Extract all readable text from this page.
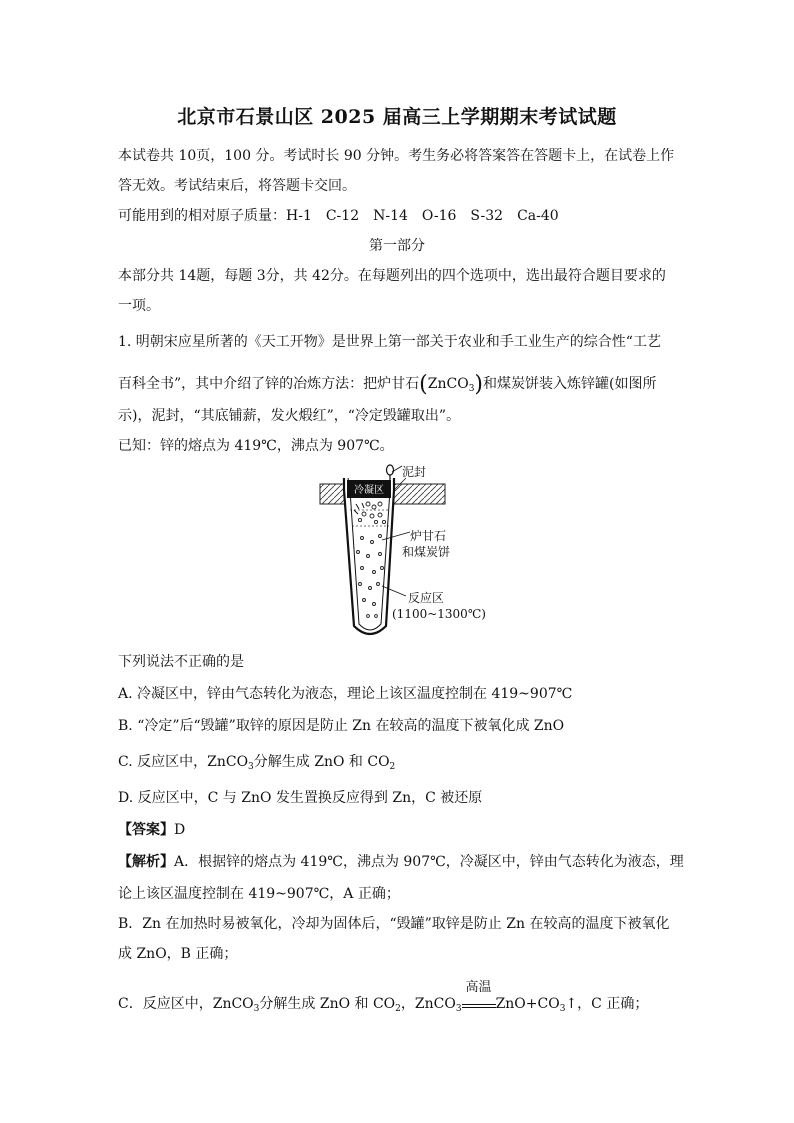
北京市石景山区 2025 届高三上学期期末考试试题
本试卷共 10页，100 分。考试时长 90 分钟。考生务必将答案答在答题卡上，在试卷上作
答无效。考试结束后，将答题卡交回。
可能用到的相对原子质量：H-1　C-12　N-14　O-16　S-32　Ca-40
第一部分
本部分共 14题，每题 3分，共 42分。在每题列出的四个选项中，选出最符合题目要求的
一项。
1. 明朝宋应星所著的《天工开物》是世界上第一部关于农业和手工业生产的综合性“工艺
百科全书”，其中介绍了锌的冶炼方法：把炉甘石(ZnCO$_3$)和煤炭饼装入炼锌罐(如图所
示)，泥封，“其底铺薪，发火煅红”，“冷定毁罐取出”。
已知：锌的熔点为 419℃，沸点为 907℃。
冷凝区
泥封
炉甘石
和煤炭饼
反应区
(1100~1300℃)
下列说法不正确的是
A. 冷凝区中，锌由气态转化为液态，理论上该区温度控制在 419~907℃
B. “冷定”后“毁罐”取锌的原因是防止 Zn 在较高的温度下被氧化成 ZnO
C. 反应区中，ZnCO$_3$分解生成 ZnO 和 $CO_2$
D. 反应区中，C 与 ZnO 发生置换反应得到 Zn，C 被还原
【答案】D
【解析】A．根据锌的熔点为 419℃，沸点为 907℃，冷凝区中，锌由气态转化为液态，理
论上该区温度控制在 419~907℃，A 正确；
B．Zn 在加热时易被氧化，冷却为固体后，“毁罐”取锌是防止 Zn 在较高的温度下被氧化
成 ZnO，B 正确；
C．反应区中，ZnCO$_3$分解生成 ZnO 和 $CO_2$，ZnCO$_3$
高温
$ZnO+CO_3↑$，C 正确；
